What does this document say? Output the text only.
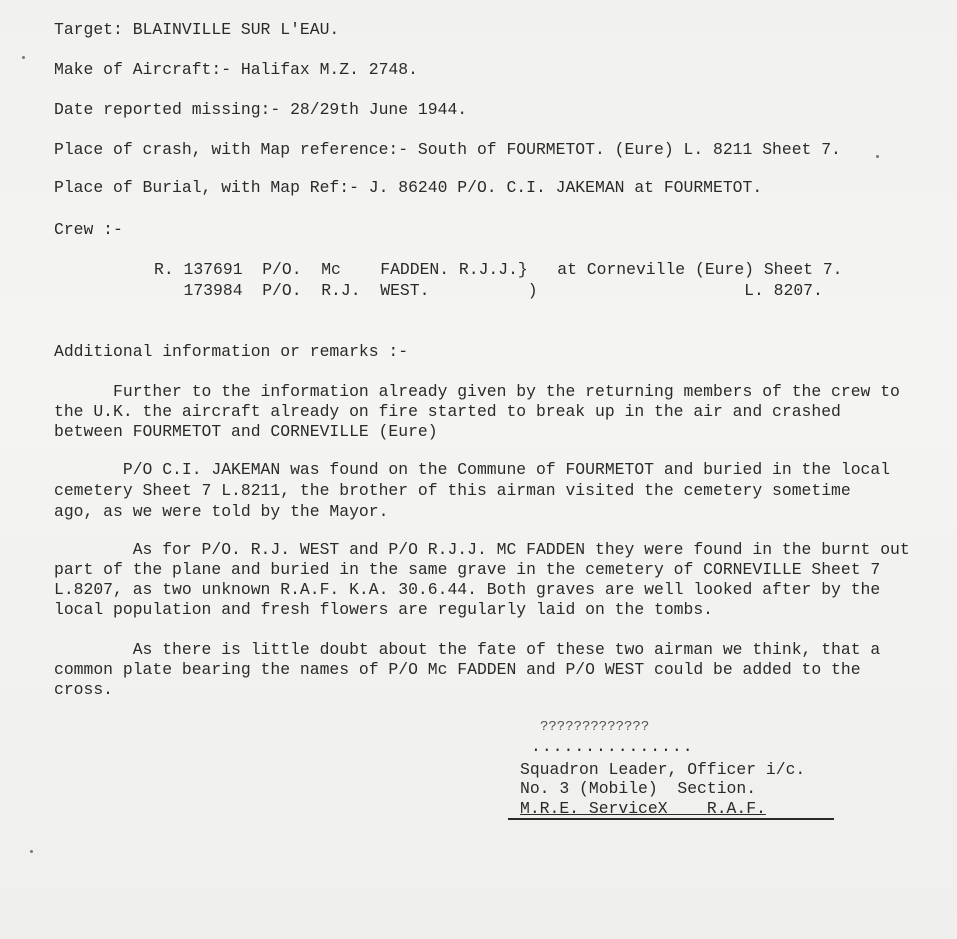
Target: BLAINVILLE SUR L'EAU.
Make of Aircraft:- Halifax M.Z. 2748.
Date reported missing:- 28/29th June 1944.
Place of crash, with Map reference:- South of FOURMETOT. (Eure) L. 8211 Sheet 7.
Place of Burial, with Map Ref:- J. 86240 P/O. C.I. JAKEMAN at FOURMETOT.
Crew :-
R. 137691  P/O.  Mc    FADDEN. R.J.J.}   at Corneville (Eure) Sheet 7.
173984  P/O.  R.J.  WEST.          )                     L. 8207.
Additional information or remarks :-
Further to the information already given by the returning members of the crew to
the U.K. the aircraft already on fire started to break up in the air and crashed
between FOURMETOT and CORNEVILLE (Eure)
P/O C.I. JAKEMAN was found on the Commune of FOURMETOT and buried in the local
cemetery Sheet 7 L.8211, the brother of this airman visited the cemetery sometime
ago, as we were told by the Mayor.
As for P/O. R.J. WEST and P/O R.J.J. MC FADDEN they were found in the burnt out
part of the plane and buried in the same grave in the cemetery of CORNEVILLE Sheet 7
L.8207, as two unknown R.A.F. K.A. 30.6.44. Both graves are well looked after by the
local population and fresh flowers are regularly laid on the tombs.
As there is little doubt about the fate of these two airman we think, that a
common plate bearing the names of P/O Mc FADDEN and P/O WEST could be added to the
cross.
?????????????
...............
Squadron Leader, Officer i/c.
No. 3 (Mobile)  Section.
M.R.E. ServiceX    R.A.F.
